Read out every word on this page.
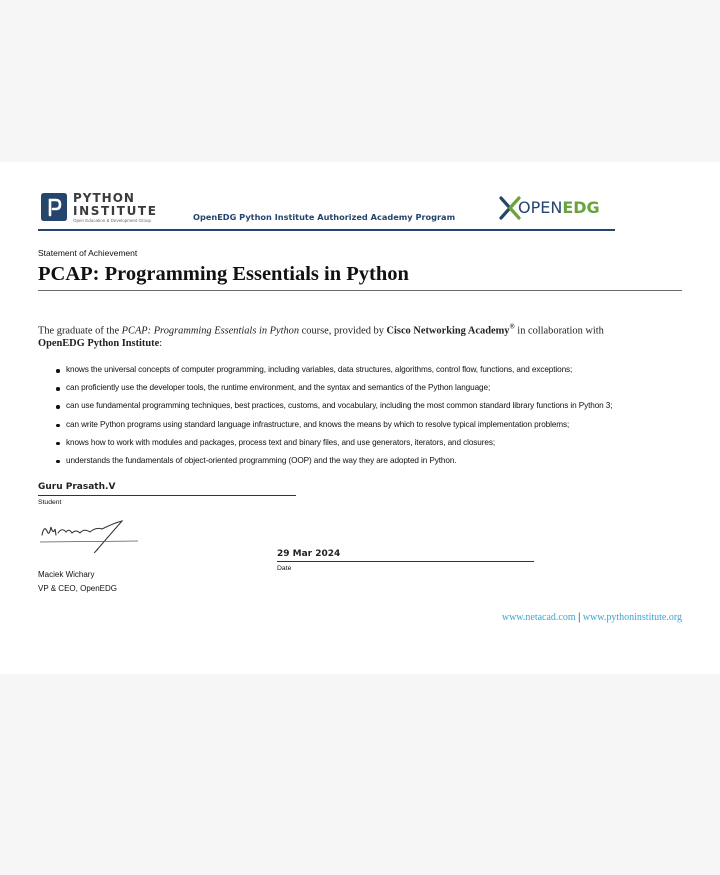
PYTHON
INSTITUTE
Open Education & Development Group	OpenEDG Python Institute Authorized Academy Program	OPENEDG
Statement of Achievement
PCAP: Programming Essentials in Python
The graduate of the PCAP: Programming Essentials in Python course, provided by Cisco Networking Academy® in collaboration with
OpenEDG Python Institute:
knows the universal concepts of computer programming, including variables, data structures, algorithms, control flow, functions, and exceptions;
can proficiently use the developer tools, the runtime environment, and the syntax and semantics of the Python language;
can use fundamental programming techniques, best practices, customs, and vocabulary, including the most common standard library functions in Python 3;
can write Python programs using standard language infrastructure, and knows the means by which to resolve typical implementation problems;
knows how to work with modules and packages, process text and binary files, and use generators, iterators, and closures;
understands the fundamentals of object-oriented programming (OOP) and the way they are adopted in Python.
Guru Prasath.V
Student
29 Mar 2024
Date
Maciek Wichary
VP & CEO, OpenEDG
www.netacad.com | www.pythoninstitute.org
